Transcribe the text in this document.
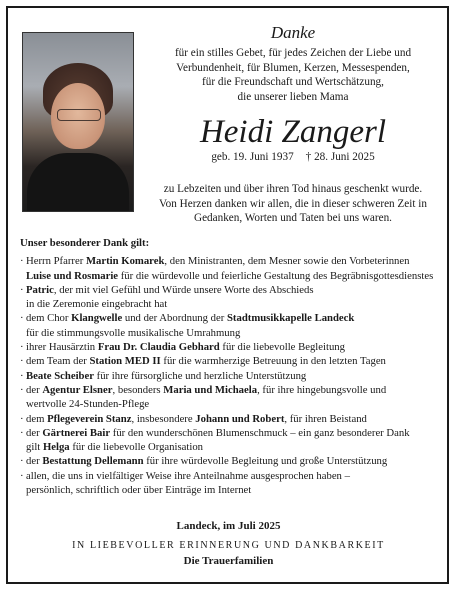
Danke

für ein stilles Gebet, für jedes Zeichen der Liebe und
Verbundenheit, für Blumen, Kerzen, Messespenden,
für die Freundschaft und Wertschätzung,
die unserer lieben Mama

Heidi Zangerl

geb. 19. Juni 1937 † 28. Juni 2025

zu Lebzeiten und über ihren Tod hinaus geschenkt wurde.
Von Herzen danken wir allen, die in dieser schweren Zeit in
Gedanken, Worten und Taten bei uns waren.

Unser besonderer Dank gilt:

· Herrn Pfarrer Martin Komarek, den Ministranten, dem Mesner sowie den Vorbeterinnen
Luise und Rosmarie für die würdevolle und feierliche Gestaltung des Begräbnisgottesdienstes
· Patric, der mit viel Gefühl und Würde unsere Worte des Abschieds
in die Zeremonie eingebracht hat
· dem Chor Klangwelle und der Abordnung der Stadtmusikkapelle Landeck
für die stimmungsvolle musikalische Umrahmung
· ihrer Hausärztin Frau Dr. Claudia Gebhard für die liebevolle Begleitung
· dem Team der Station MED II für die warmherzige Betreuung in den letzten Tagen
· Beate Scheiber für ihre fürsorgliche und herzliche Unterstützung
· der Agentur Elsner, besonders Maria und Michaela, für ihre hingebungsvolle und
wertvolle 24-Stunden-Pflege
· dem Pflegeverein Stanz, insbesondere Johann und Robert, für ihren Beistand
· der Gärtnerei Bair für den wunderschönen Blumenschmuck – ein ganz besonderer Dank
gilt Helga für die liebevolle Organisation
· der Bestattung Dellemann für ihre würdevolle Begleitung und große Unterstützung
· allen, die uns in vielfältiger Weise ihre Anteilnahme ausgesprochen haben –
persönlich, schriftlich oder über Einträge im Internet
Landeck, im Juli 2025
IN LIEBEVOLLER ERINNERUNG UND DANKBARKEIT
Die Trauerfamilien
